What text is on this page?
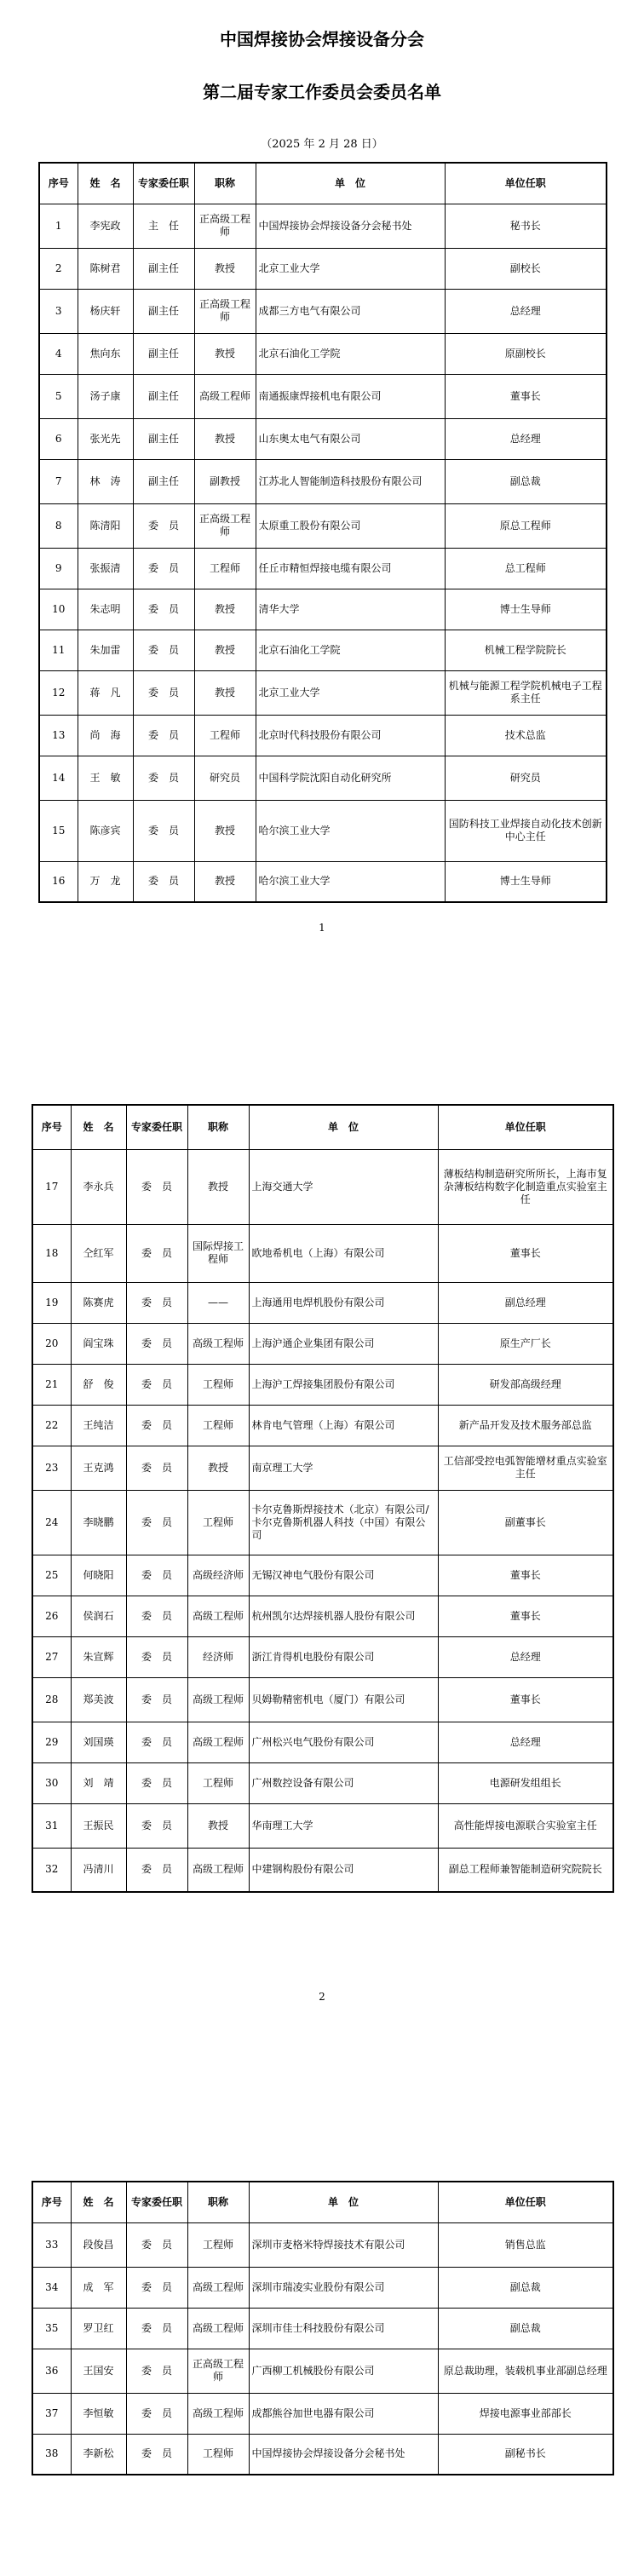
中国焊接协会焊接设备分会
第二届专家工作委员会委员名单
（2025 年 2 月 28 日）
序号	姓　名	专家委任职	职称	单　位	单位任职
1	李宪政	主　任	正高级工程师	中国焊接协会焊接设备分会秘书处	秘书长
2	陈树君	副主任	教授	北京工业大学	副校长
3	杨庆轩	副主任	正高级工程师	成都三方电气有限公司	总经理
4	焦向东	副主任	教授	北京石油化工学院	原副校长
5	汤子康	副主任	高级工程师	南通振康焊接机电有限公司	董事长
6	张光先	副主任	教授	山东奥太电气有限公司	总经理
7	林　涛	副主任	副教授	江苏北人智能制造科技股份有限公司	副总裁
8	陈清阳	委　员	正高级工程师	太原重工股份有限公司	原总工程师
9	张振清	委　员	工程师	任丘市精恒焊接电缆有限公司	总工程师
10	朱志明	委　员	教授	清华大学	博士生导师
11	朱加雷	委　员	教授	北京石油化工学院	机械工程学院院长
12	蒋　凡	委　员	教授	北京工业大学	机械与能源工程学院机械电子工程系主任
13	尚　海	委　员	工程师	北京时代科技股份有限公司	技术总监
14	王　敏	委　员	研究员	中国科学院沈阳自动化研究所	研究员
15	陈彦宾	委　员	教授	哈尔滨工业大学	国防科技工业焊接自动化技术创新中心主任
16	万　龙	委　员	教授	哈尔滨工业大学	博士生导师
1
序号	姓　名	专家委任职	职称	单　位	单位任职
17	李永兵	委　员	教授	上海交通大学	薄板结构制造研究所所长，上海市复杂薄板结构数字化制造重点实验室主任
18	仝红军	委　员	国际焊接工程师	欧地希机电（上海）有限公司	董事长
19	陈赛虎	委　员	——	上海通用电焊机股份有限公司	副总经理
20	阎宝珠	委　员	高级工程师	上海沪通企业集团有限公司	原生产厂长
21	舒　俊	委　员	工程师	上海沪工焊接集团股份有限公司	研发部高级经理
22	王纯洁	委　员	工程师	林肯电气管理（上海）有限公司	新产品开发及技术服务部总监
23	王克鸿	委　员	教授	南京理工大学	工信部受控电弧智能增材重点实验室主任
24	李晓鹏	委　员	工程师	卡尔克鲁斯焊接技术（北京）有限公司/卡尔克鲁斯机器人科技（中国）有限公司	副董事长
25	何晓阳	委　员	高级经济师	无锡汉神电气股份有限公司	董事长
26	侯润石	委　员	高级工程师	杭州凯尔达焊接机器人股份有限公司	董事长
27	朱宣辉	委　员	经济师	浙江肯得机电股份有限公司	总经理
28	郑美波	委　员	高级工程师	贝姆勒精密机电（厦门）有限公司	董事长
29	刘国瑛	委　员	高级工程师	广州松兴电气股份有限公司	总经理
30	刘　靖	委　员	工程师	广州数控设备有限公司	电源研发组组长
31	王振民	委　员	教授	华南理工大学	高性能焊接电源联合实验室主任
32	冯清川	委　员	高级工程师	中建钢构股份有限公司	副总工程师兼智能制造研究院院长
2
序号	姓　名	专家委任职	职称	单　位	单位任职
33	段俊昌	委　员	工程师	深圳市麦格米特焊接技术有限公司	销售总监
34	成　军	委　员	高级工程师	深圳市瑞凌实业股份有限公司	副总裁
35	罗卫红	委　员	高级工程师	深圳市佳士科技股份有限公司	副总裁
36	王国安	委　员	正高级工程师	广西柳工机械股份有限公司	原总裁助理，装载机事业部副总经理
37	李恒敏	委　员	高级工程师	成都熊谷加世电器有限公司	焊接电源事业部部长
38	李新松	委　员	工程师	中国焊接协会焊接设备分会秘书处	副秘书长
